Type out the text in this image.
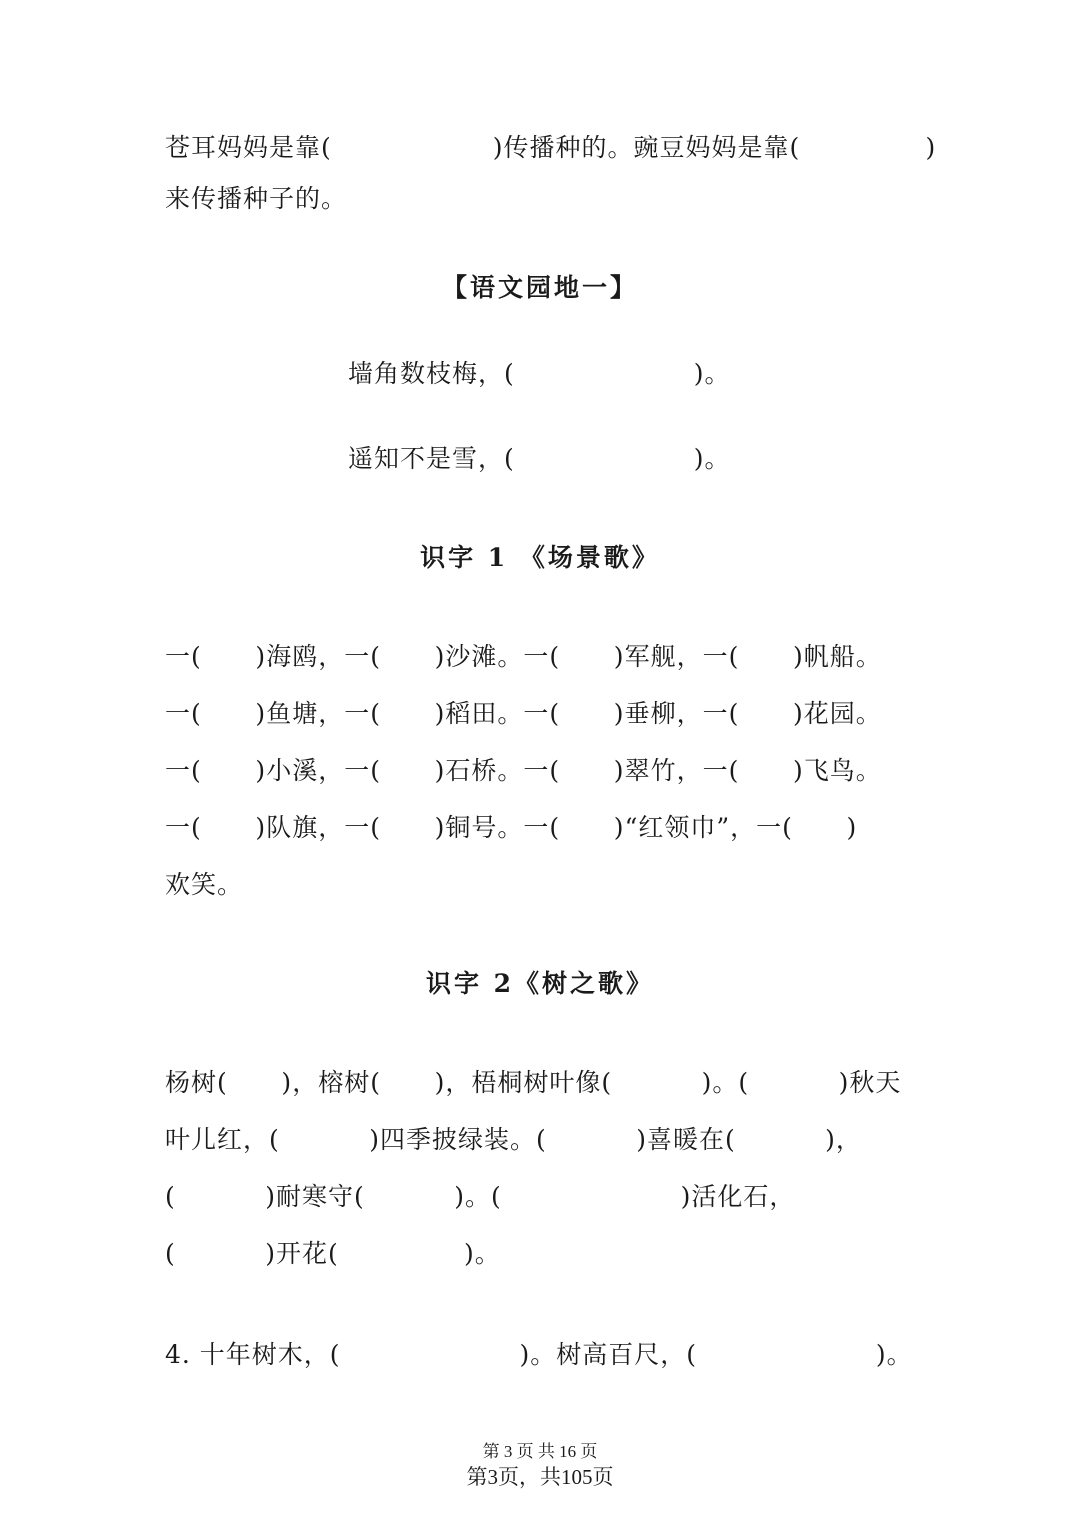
苍耳妈妈是靠(                  )传播种的。豌豆妈妈是靠(              )
来传播种子的。
【语文园地一】
墙角数枝梅，(                    )。
遥知不是雪，(                    )。
识字 1 《场景歌》
一(      )海鸥，一(      )沙滩。一(      )军舰，一(      )帆船。
一(      )鱼塘，一(      )稻田。一(      )垂柳，一(      )花园。
一(      )小溪，一(      )石桥。一(      )翠竹，一(      )飞鸟。
一(      )队旗，一(      )铜号。一(      )“红领巾”，一(      )
欢笑。
识字 2《树之歌》
杨树(      )，榕树(      )，梧桐树叶像(          )。(          )秋天
叶儿红，(          )四季披绿装。(          )喜暖在(          )，
(          )耐寒守(          )。(                    )活化石，
(          )开花(              )。
4. 十年树木，(                    )。树高百尺，(                    )。
第 3 页 共 16 页
第3页，共105页
